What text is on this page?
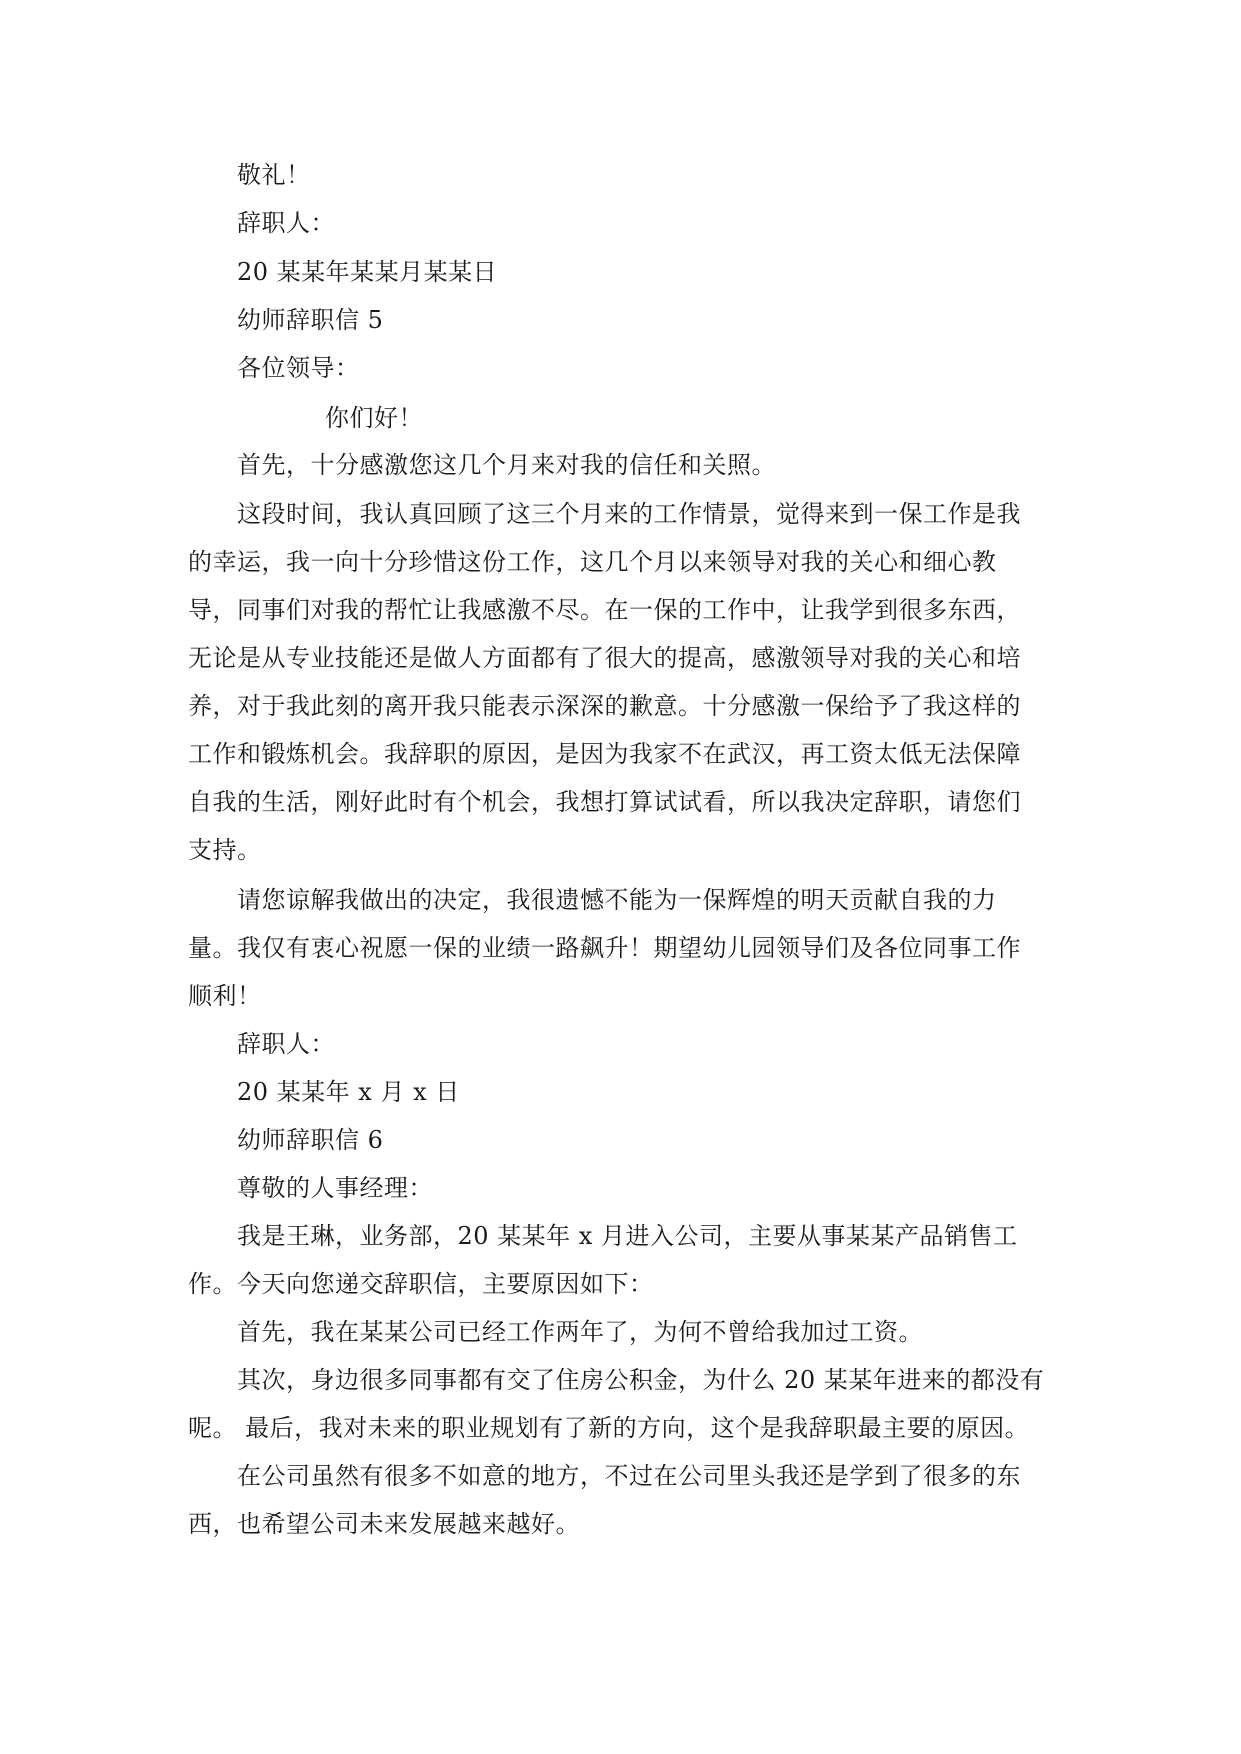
敬礼！
辞职人：
20 某某年某某月某某日
幼师辞职信 5
各位领导：
你们好！
首先，十分感激您这几个月来对我的信任和关照。
这段时间，我认真回顾了这三个月来的工作情景，觉得来到一保工作是我
的幸运，我一向十分珍惜这份工作，这几个月以来领导对我的关心和细心教
导，同事们对我的帮忙让我感激不尽。在一保的工作中，让我学到很多东西，
无论是从专业技能还是做人方面都有了很大的提高，感激领导对我的关心和培
养，对于我此刻的离开我只能表示深深的歉意。十分感激一保给予了我这样的
工作和锻炼机会。我辞职的原因，是因为我家不在武汉，再工资太低无法保障
自我的生活，刚好此时有个机会，我想打算试试看，所以我决定辞职，请您们
支持。
请您谅解我做出的决定，我很遗憾不能为一保辉煌的明天贡献自我的力
量。我仅有衷心祝愿一保的业绩一路飙升！期望幼儿园领导们及各位同事工作
顺利！
辞职人：
20 某某年 x 月 x 日
幼师辞职信 6
尊敬的人事经理：
我是王琳，业务部，20 某某年 x 月进入公司，主要从事某某产品销售工
作。今天向您递交辞职信，主要原因如下：
首先，我在某某公司已经工作两年了，为何不曾给我加过工资。
其次，身边很多同事都有交了住房公积金，为什么 20 某某年进来的都没有
呢。 最后，我对未来的职业规划有了新的方向，这个是我辞职最主要的原因。
在公司虽然有很多不如意的地方，不过在公司里头我还是学到了很多的东
西，也希望公司未来发展越来越好。
